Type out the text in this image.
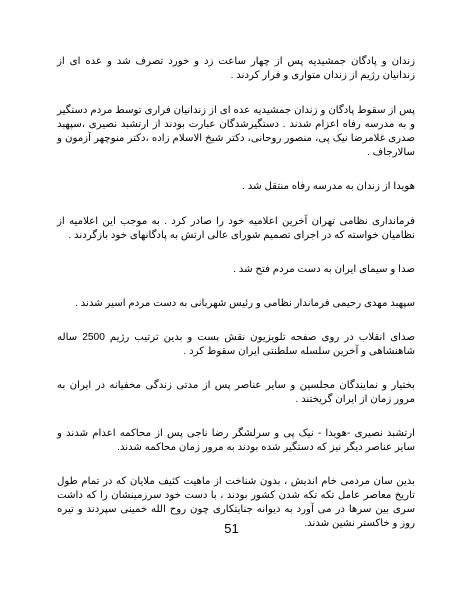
زندان و پادگان جمشیدیه پس از چهار ساعت زد و خورد تصرف شد و عده ای از زندانیان رژیم از زندان متواری و فرار کردند .

پس از سقوط پادگان و زندان جمشیدیه عده ای از زندانیان فراری توسط مردم دستگیر و به مدرسه رفاه اعزام شدند . دستگیرشدگان عبارت بودند از ارتشبد نصیری ،سپهبد صدری غلامرضا نیک پی، منصور روحانی، دکتر شیخ الاسلام زاده ،دکتر منوچهر آزمون و سالارجاف .

هویدا از زندان به مدرسه رفاه منتقل شد .

فرمانداری نظامی تهران آخرین اعلامیه خود را صادر کرد . به موجب این اعلامیه از نظامیان خواسته که در اجرای تصمیم شورای عالی ارتش به پادگانهای خود بازگردند .

صدا و سیمای ایران به دست مردم فتح شد .

سپهبد مهدی رحیمی فرماندار نظامی و رئیس شهربانی به دست مردم اسیر شدند .

صدای انقلاب در روی صفحه تلویزیون نقش بست و بدین ترتیب رژیم 2500 ساله شاهنشاهی و آخرین سلسله سلطنتی ایران سقوط کرد .

بختیار و نمایندگان مجلسین و سایر عناصر پس از مدتی زندگی مخفیانه در ایران به مرور زمان از ایران گریختند .

ارتشبد نصیری -هویدا - نیک پی و سرلشگر رضا ناجی پس از محاکمه اعدام شدند و سایر عناصر دیگر نیز که دستگیر شده بودند به مرور زمان محاکمه شدند.

بدین سان مردمی خام اندیش ، بدون شناخت از ماهیت کثیف ملایان که در تمام طول تاریخ معاصر عامل تکه تکه شدن کشور بودند ، با دست خود سرزمینشان را که داشت سری بین سرها در می آورد به دیوانه جنایتکاری چون روح الله خمینی سپردند و تیره روز و خاکستر نشین شدند.

51
